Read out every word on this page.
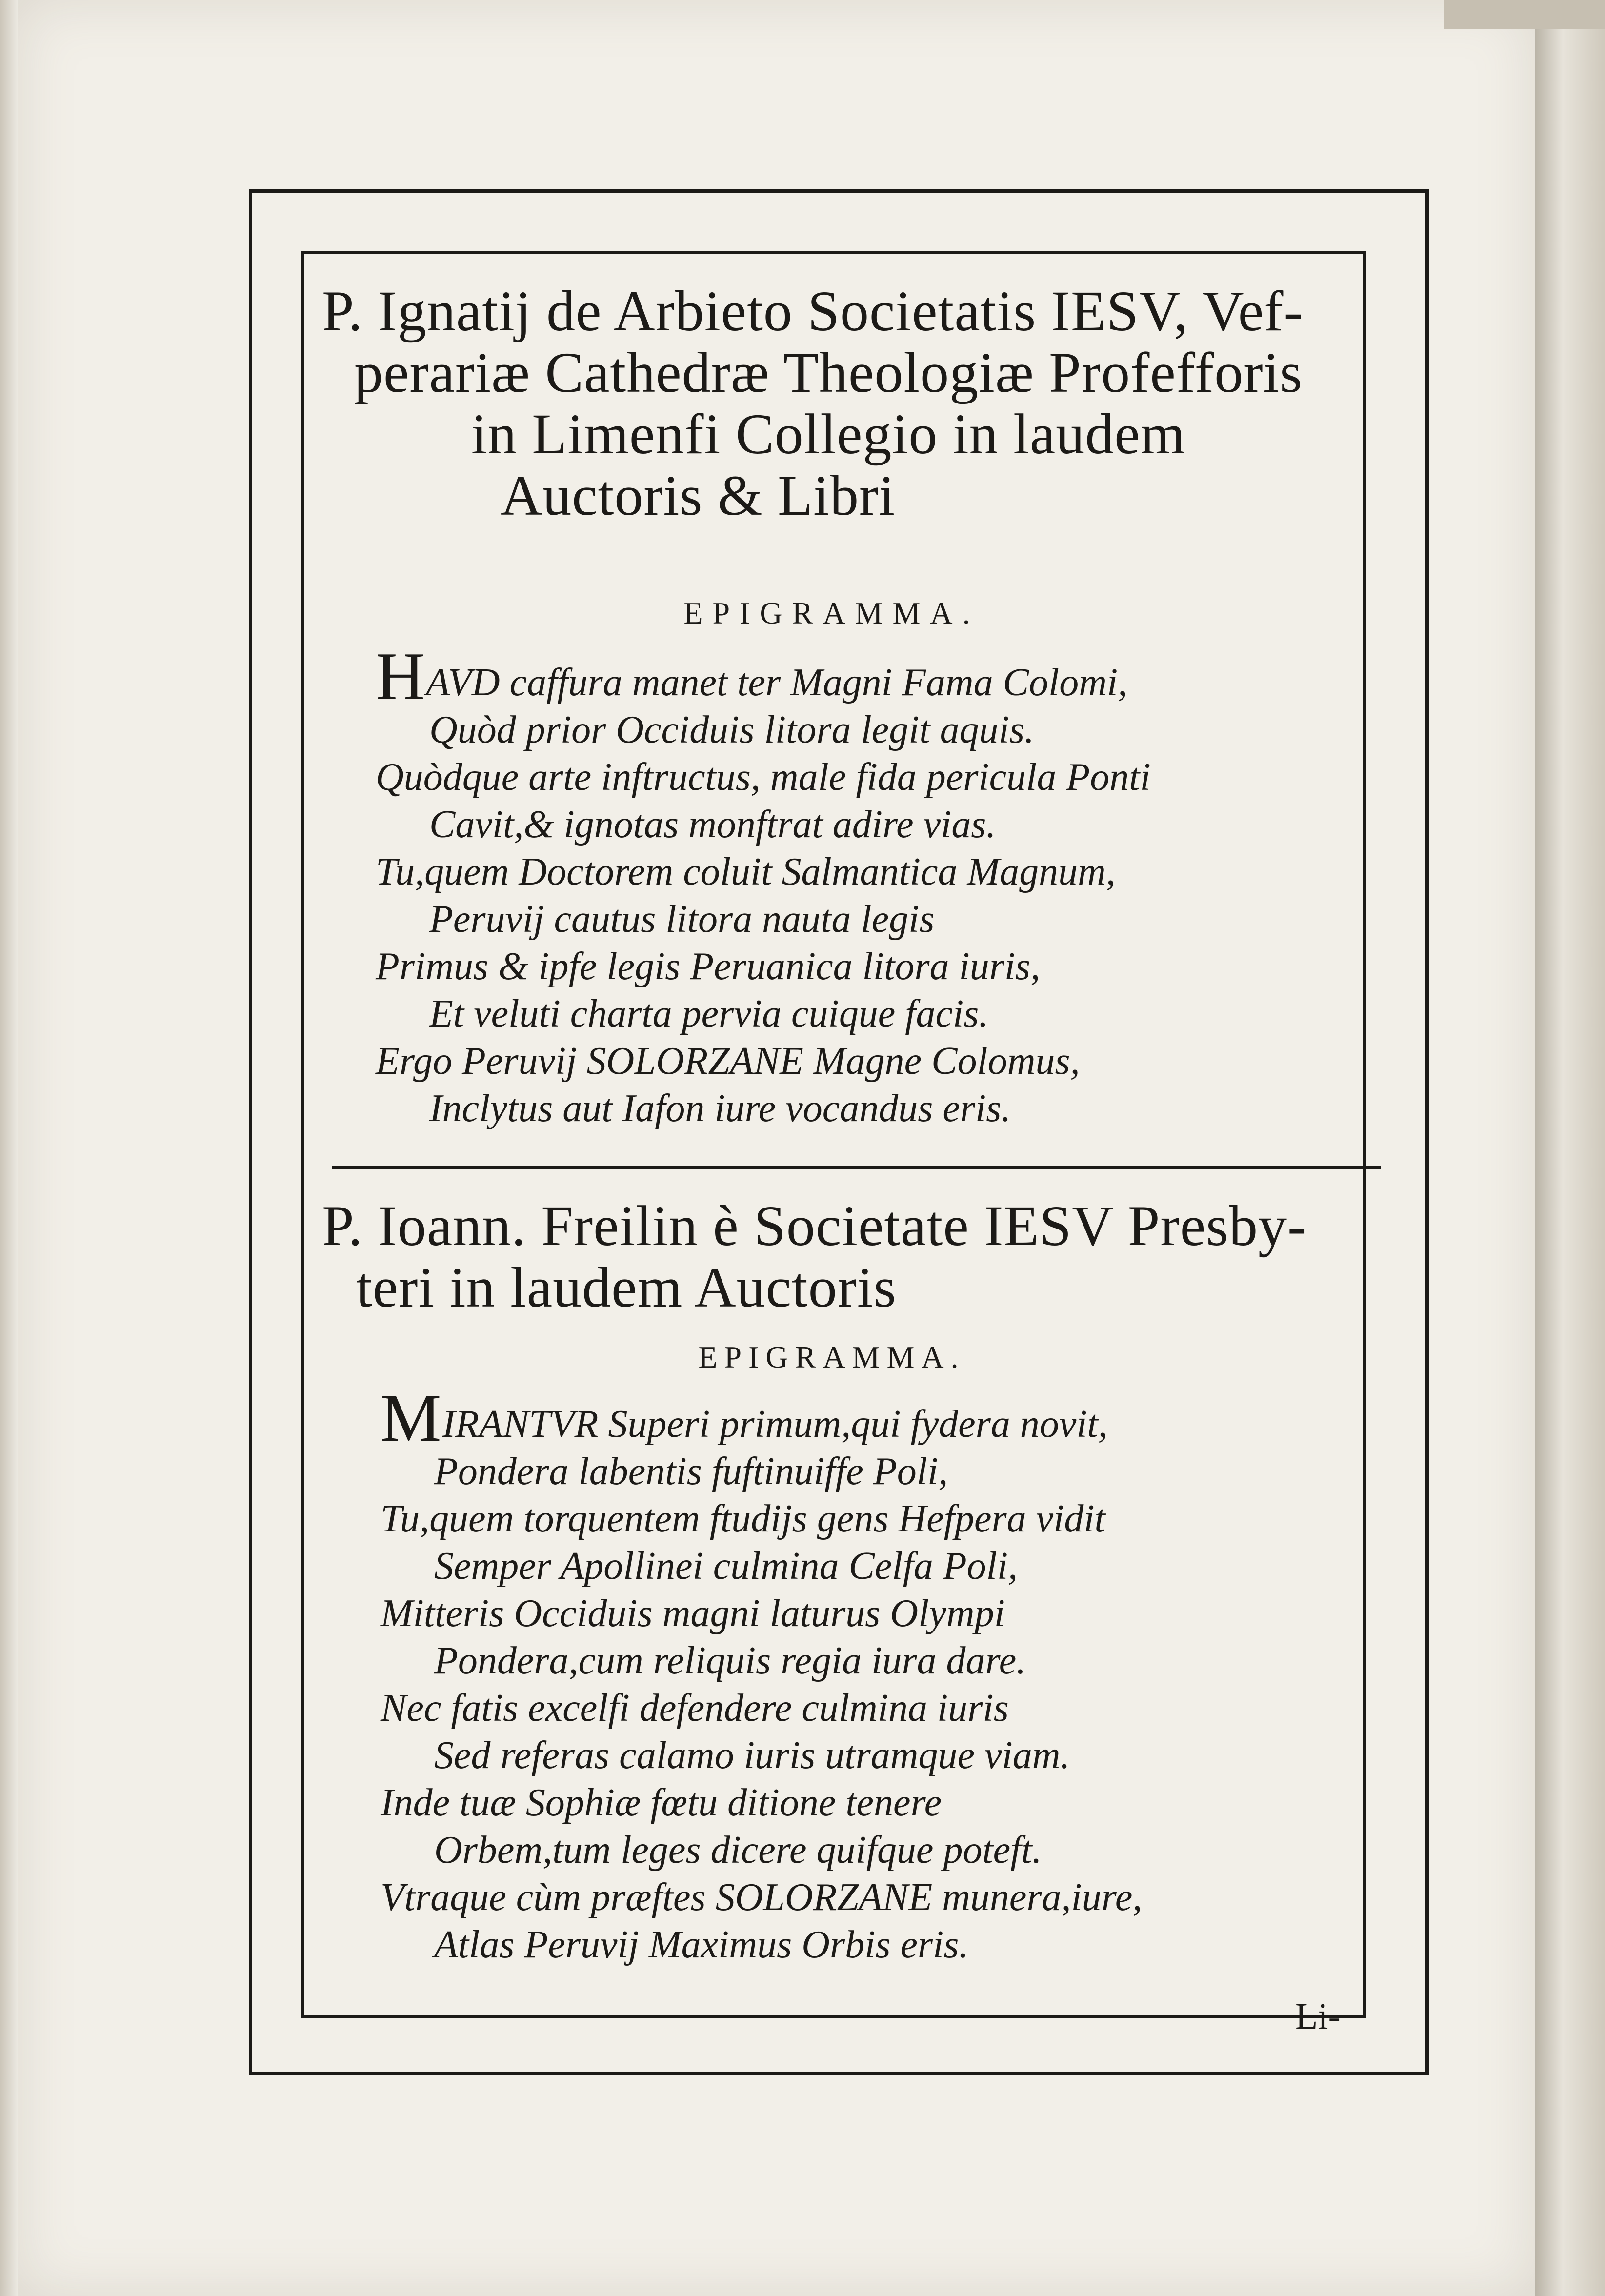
P. Ignatij de Arbieto Societatis IESV, Vef-
perariæ Cathedræ Theologiæ Profefforis
in Limenfi Collegio in laudem
Auctoris & Libri

EPIGRAMMA.

HAVD caffura manet ter Magni Fama Colomi,
Quòd prior Occiduis litora legit aquis.
Quòdque arte inftructus, male fida pericula Ponti
Cavit,& ignotas monftrat adire vias.
Tu,quem Doctorem coluit Salmantica Magnum,
Peruvij cautus litora nauta legis
Primus & ipfe legis Peruanica litora iuris,
Et veluti charta pervia cuique facis.
Ergo Peruvij SOLORZANE Magne Colomus,
Inclytus aut Iafon iure vocandus eris.
P. Ioann. Freilin è Societate IESV Presby-
teri in laudem Auctoris

EPIGRAMMA.

MIRANTVR Superi primum,qui fydera novit,
Pondera labentis fuftinuiffe Poli,
Tu,quem torquentem ftudijs gens Hefpera vidit
Semper Apollinei culmina Celfa Poli,
Mitteris Occiduis magni laturus Olympi
Pondera,cum reliquis regia iura dare.
Nec fatis excelfi defendere culmina iuris
Sed referas calamo iuris utramque viam.
Inde tuæ Sophiæ fœtu ditione tenere
Orbem,tum leges dicere quifque poteft.
Vtraque cùm præftes SOLORZANE munera,iure,
Atlas Peruvij Maximus Orbis eris.
Li-
